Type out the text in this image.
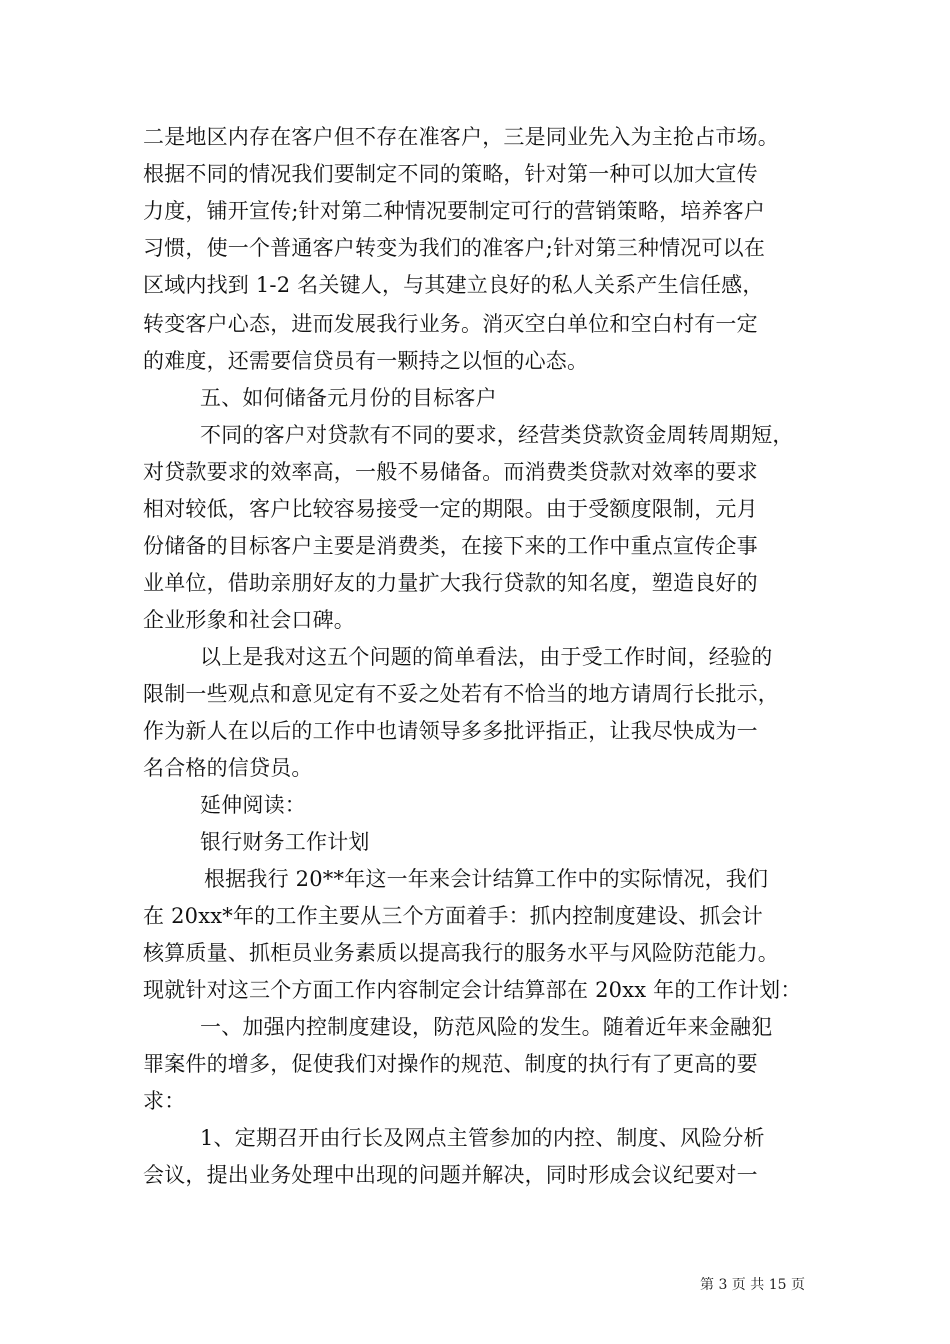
二是地区内存在客户但不存在准客户，三是同业先入为主抢占市场。
根据不同的情况我们要制定不同的策略，针对第一种可以加大宣传
力度，铺开宣传;针对第二种情况要制定可行的营销策略，培养客户
习惯，使一个普通客户转变为我们的准客户;针对第三种情况可以在
区域内找到 1-2 名关键人，与其建立良好的私人关系产生信任感，
转变客户心态，进而发展我行业务。消灭空白单位和空白村有一定
的难度，还需要信贷员有一颗持之以恒的心态。
五、如何储备元月份的目标客户
不同的客户对贷款有不同的要求，经营类贷款资金周转周期短，
对贷款要求的效率高，一般不易储备。而消费类贷款对效率的要求
相对较低，客户比较容易接受一定的期限。由于受额度限制，元月
份储备的目标客户主要是消费类，在接下来的工作中重点宣传企事
业单位，借助亲朋好友的力量扩大我行贷款的知名度，塑造良好的
企业形象和社会口碑。
以上是我对这五个问题的简单看法，由于受工作时间，经验的
限制一些观点和意见定有不妥之处若有不恰当的地方请周行长批示，
作为新人在以后的工作中也请领导多多批评指正，让我尽快成为一
名合格的信贷员。
延伸阅读：
银行财务工作计划
根据我行 20**年这一年来会计结算工作中的实际情况，我们
在 20xx*年的工作主要从三个方面着手：抓内控制度建设、抓会计
核算质量、抓柜员业务素质以提高我行的服务水平与风险防范能力。
现就针对这三个方面工作内容制定会计结算部在 20xx 年的工作计划：
一、加强内控制度建设，防范风险的发生。随着近年来金融犯
罪案件的增多，促使我们对操作的规范、制度的执行有了更高的要
求：
1、定期召开由行长及网点主管参加的内控、制度、风险分析
会议，提出业务处理中出现的问题并解决，同时形成会议纪要对一
第 3 页 共 15 页
